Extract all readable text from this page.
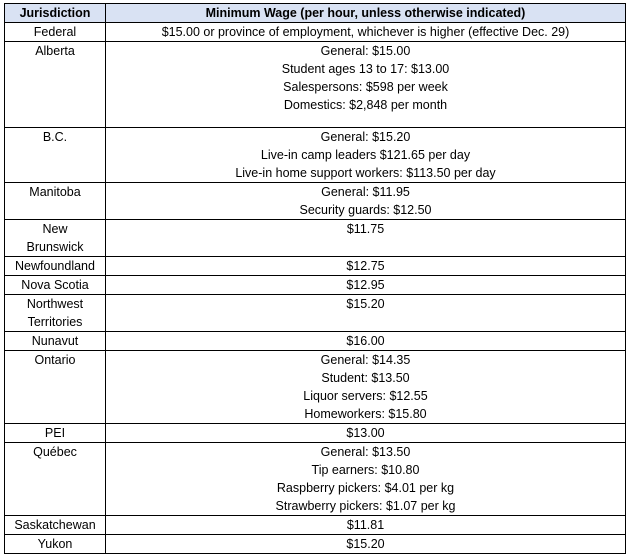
Jurisdiction	Minimum Wage (per hour, unless otherwise indicated)

Federal	$15.00 or province of employment, whichever is higher (effective Dec. 29)

Alberta	General: $15.00
Student ages 13 to 17: $13.00
Salespersons: $598 per week
Domestics: $2,848 per month

B.C.	General: $15.20
Live-in camp leaders $121.65 per day
Live-in home support workers: $113.50 per day

Manitoba	General: $11.95
Security guards: $12.50

New
Brunswick	$11.75

Newfoundland	$12.75

Nova Scotia	$12.95

Northwest
Territories	$15.20

Nunavut	$16.00

Ontario	General: $14.35
Student: $13.50
Liquor servers: $12.55
Homeworkers: $15.80

PEI	$13.00

Québec	General: $13.50
Tip earners: $10.80
Raspberry pickers: $4.01 per kg
Strawberry pickers: $1.07 per kg

Saskatchewan	$11.81

Yukon	$15.20
